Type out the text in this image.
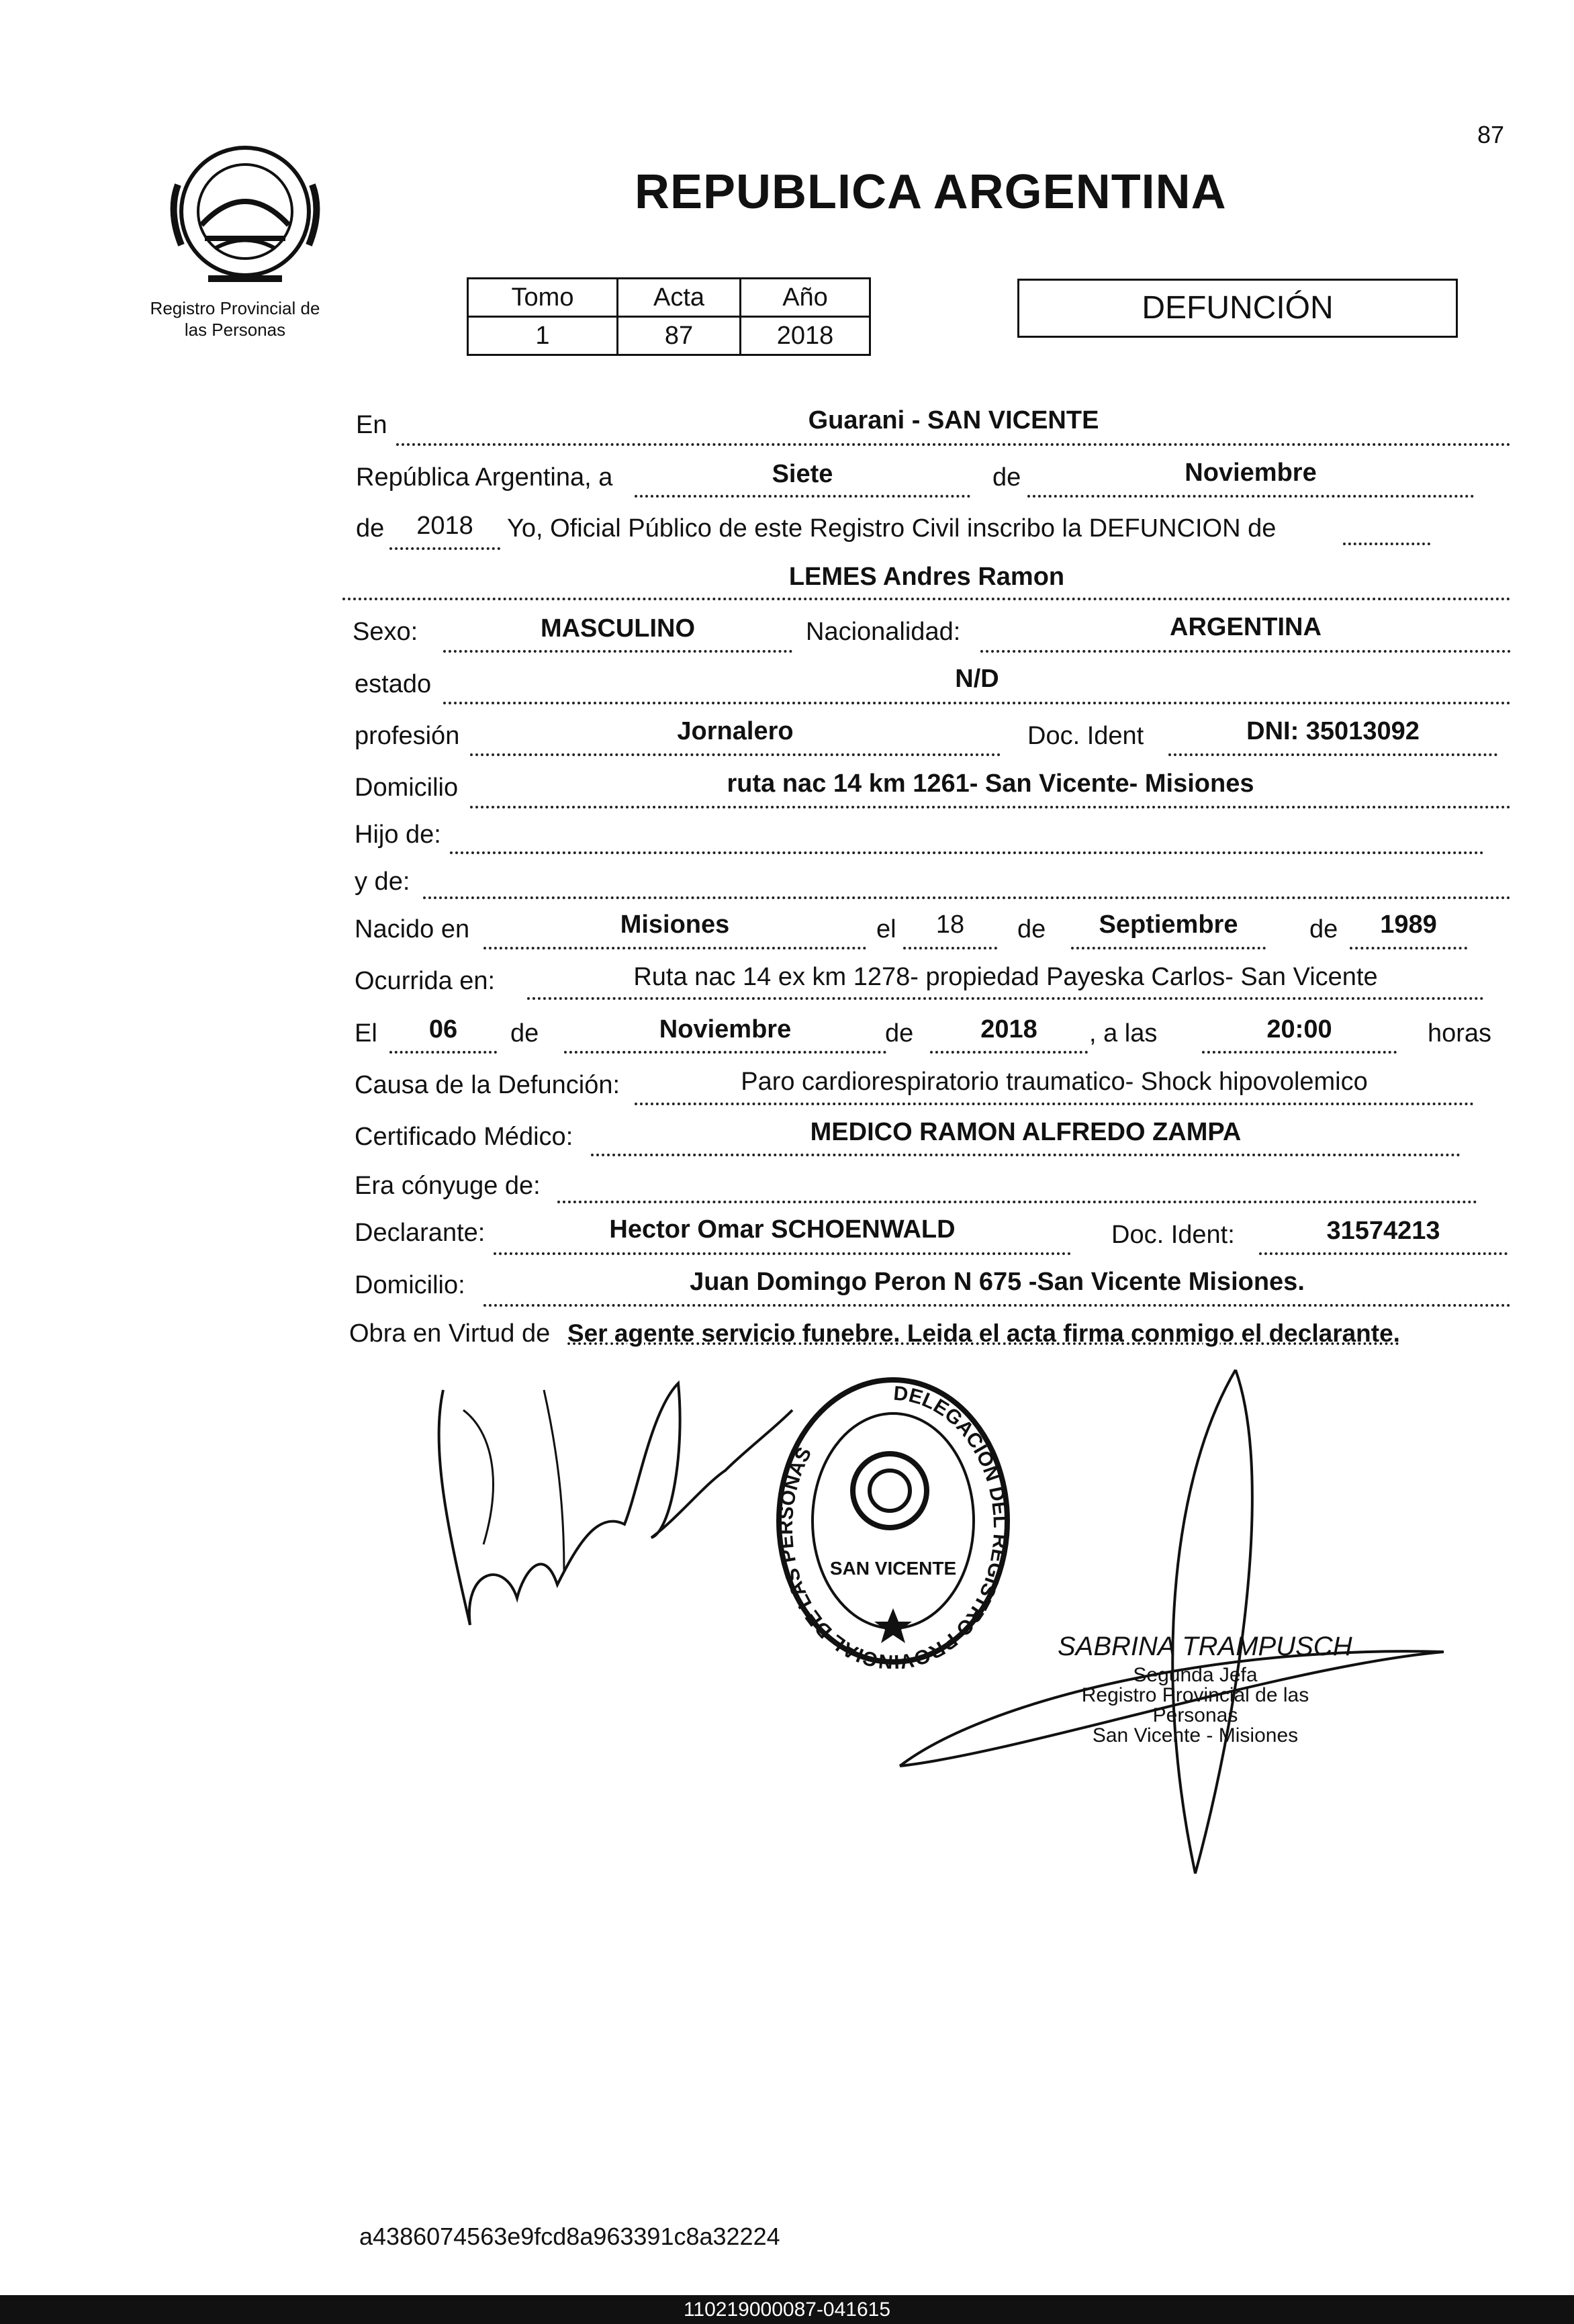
87
Registro Provincial de
las Personas
REPUBLICA ARGENTINA
Tomo	Acta	Año
1	87	2018
DEFUNCIÓN
En	Guarani - SAN VICENTE
República Argentina, a	Siete	de	Noviembre
de	2018	Yo, Oficial Público de este Registro Civil inscribo la DEFUNCION de
LEMES Andres Ramon
Sexo:	MASCULINO	Nacionalidad:	ARGENTINA
estado	N/D
profesión	Jornalero	Doc. Ident	DNI: 35013092
Domicilio	ruta nac 14 km 1261- San Vicente- Misiones
Hijo de:
y de:
Nacido en	Misiones	el	18	de	Septiembre	de	1989
Ocurrida en:	Ruta nac 14 ex km 1278- propiedad Payeska Carlos- San Vicente
El	06	de	Noviembre	de	2018	, a las	20:00	horas
Causa de la Defunción:	Paro cardiorespiratorio traumatico- Shock hipovolemico
Certificado Médico:	MEDICO RAMON ALFREDO ZAMPA
Era cónyuge de:
Declarante:	Hector Omar SCHOENWALD	Doc. Ident:	31574213
Domicilio:	Juan Domingo Peron N 675 -San Vicente Misiones.
Obra en Virtud de Ser agente servicio funebre. Leida el acta firma conmigo el declarante.
DELEGACION DEL REGISTRO PROVINCIAL DE LAS PERSONAS
SAN VICENTE
SABRINA TRAMPUSCH
Segunda Jefa
Registro Provincial de las Personas
San Vicente - Misiones
a4386074563e9fcd8a963391c8a32224
110219000087-041615
